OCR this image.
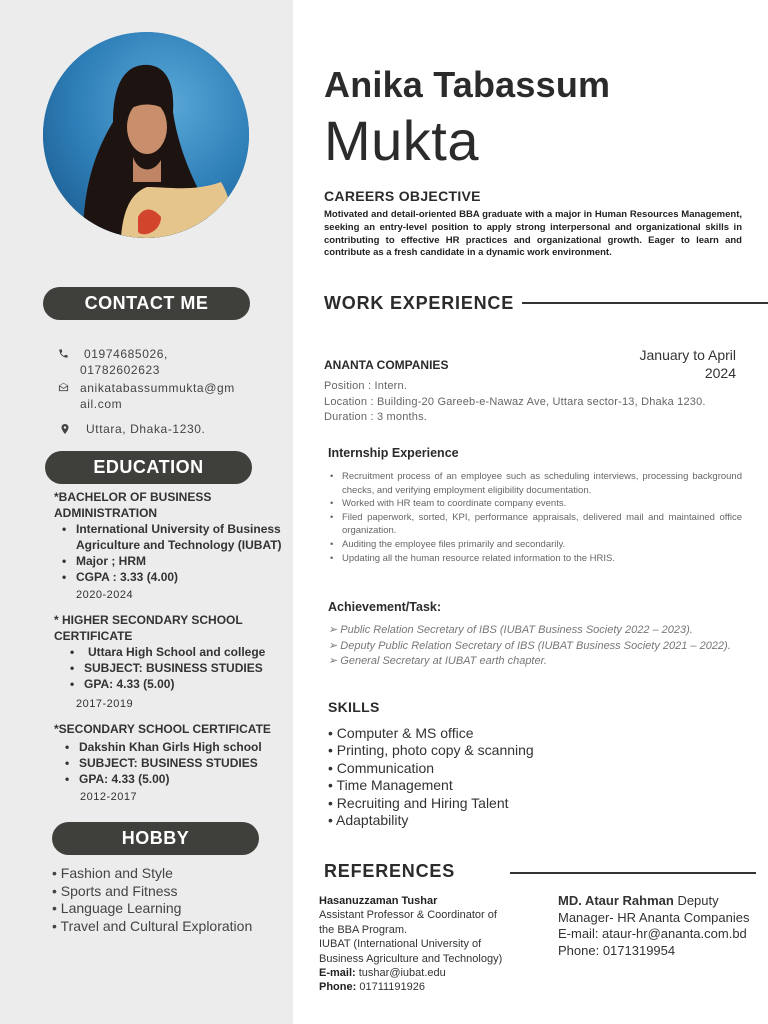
CONTACT ME
01974685026,
01782602623
anikatabassummukta@gm
ail.com
Uttara, Dhaka-1230.
EDUCATION
*BACHELOR OF BUSINESS
ADMINISTRATION
• International University of Business Agriculture and Technology (IUBAT)
• Major ; HRM
• CGPA : 3.33 (4.00)
2020-2024
* HIGHER SECONDARY SCHOOL
CERTIFICATE
• Uttara High School and college
• SUBJECT: BUSINESS STUDIES
• GPA: 4.33 (5.00)
2017-2019
*SECONDARY SCHOOL CERTIFICATE
• Dakshin Khan Girls High school
• SUBJECT: BUSINESS STUDIES
• GPA: 4.33 (5.00)
2012-2017
HOBBY
• Fashion and Style
• Sports and Fitness
• Language Learning
• Travel and Cultural Exploration
Anika Tabassum
Mukta
CAREERS OBJECTIVE
Motivated and detail-oriented BBA graduate with a major in Human Resources Management, seeking an entry-level position to apply strong interpersonal and organizational skills in contributing to effective HR practices and organizational growth. Eager to learn and contribute as a fresh candidate in a dynamic work environment.
WORK EXPERIENCE
ANANTA COMPANIES
January to April
2024
Position : Intern.
Location : Building-20 Gareeb-e-Nawaz Ave, Uttara sector-13, Dhaka 1230.
Duration : 3 months.
Internship Experience
• Recruitment process of an employee such as scheduling interviews, processing background checks, and verifying employment eligibility documentation.
• Worked with HR team to coordinate company events.
• Filed paperwork, sorted, KPI, performance appraisals, delivered mail and maintained office organization.
• Auditing the employee files primarily and secondarily.
• Updating all the human resource related information to the HRIS.
Achievement/Task:
➢ Public Relation Secretary of IBS (IUBAT Business Society 2022 – 2023).
➢ Deputy Public Relation Secretary of IBS (IUBAT Business Society 2021 – 2022).
➢ General Secretary at IUBAT earth chapter.
SKILLS
• Computer & MS office
• Printing, photo copy & scanning
• Communication
• Time Management
• Recruiting and Hiring Talent
• Adaptability
REFERENCES
Hasanuzzaman Tushar
Assistant Professor & Coordinator of
the BBA Program.
IUBAT (International University of
Business Agriculture and Technology)
E-mail: tushar@iubat.edu
Phone: 01711191926
MD. Ataur Rahman Deputy
Manager- HR Ananta Companies
E-mail: ataur-hr@ananta.com.bd
Phone: 0171319954
